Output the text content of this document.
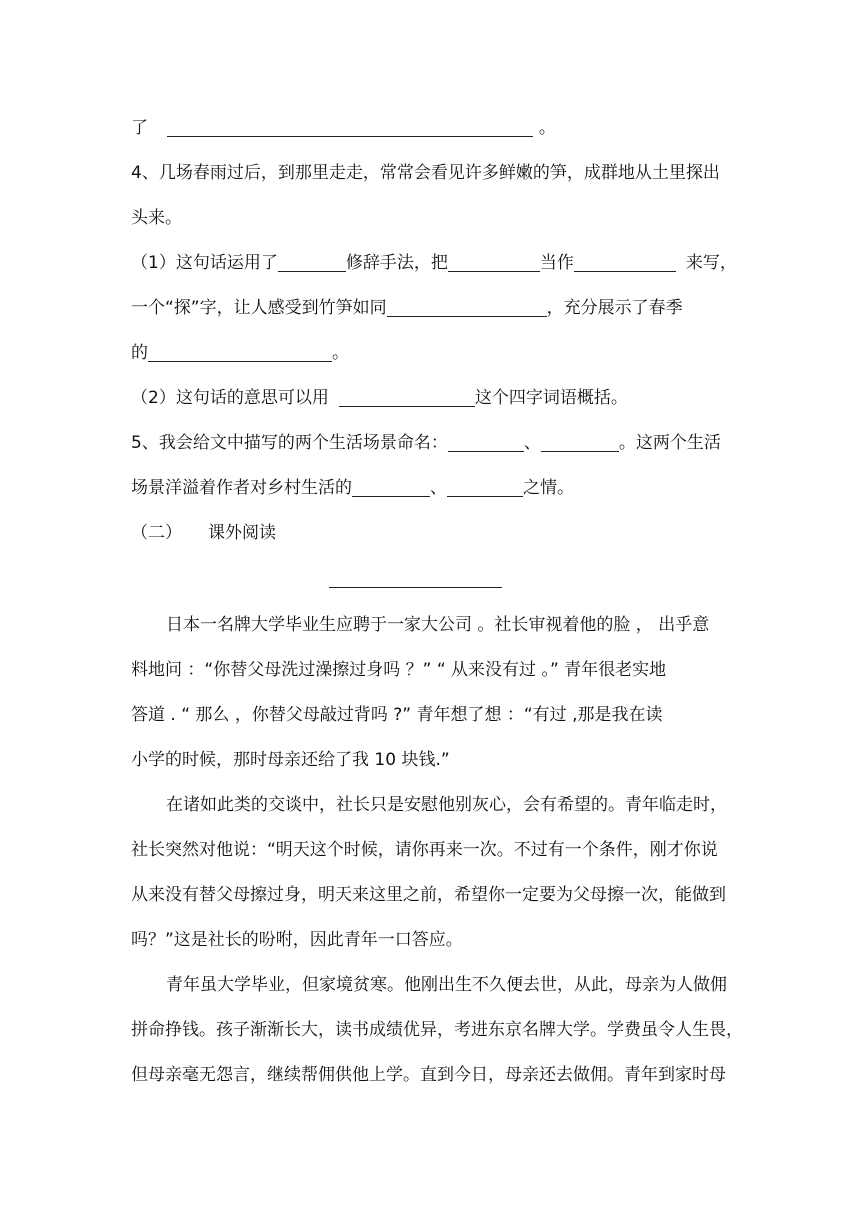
了	。
4、几场春雨过后，到那里走走，常常会看见许多鲜嫩的笋，成群地从土里探出
头来。
（1）这句话运用了	修辞手法，把	当作	来写，
一个“探”字，让人感受到竹笋如同	，充分展示了春季
的	。
（2）这句话的意思可以用	这个四字词语概括。
5、我会给文中描写的两个生活场景命名：	、	。这两个生活
场景洋溢着作者对乡村生活的	、	之情。
（二） 课外阅读
日本一名牌大学毕业生应聘于一家大公司 。社长审视着他的脸 ， 出乎意
料地问 ：“你替父母洗过澡擦过身吗 ？” “ 从来没有过 。” 青年很老实地
答道 . “ 那么 ，你替父母敲过背吗 ?” 青年想了想 ：“有过 ,那是我在读
小学的时候，那时母亲还给了我 10 块钱.”
在诸如此类的交谈中，社长只是安慰他别灰心，会有希望的。青年临走时，
社长突然对他说：“明天这个时候，请你再来一次。不过有一个条件，刚才你说
从来没有替父母擦过身，明天来这里之前，希望你一定要为父母擦一次，能做到
吗？”这是社长的吩咐，因此青年一口答应。
青年虽大学毕业，但家境贫寒。他刚出生不久便去世，从此，母亲为人做佣
拼命挣钱。孩子渐渐长大，读书成绩优异，考进东京名牌大学。学费虽令人生畏，
但母亲毫无怨言，继续帮佣供他上学。直到今日，母亲还去做佣。青年到家时母
